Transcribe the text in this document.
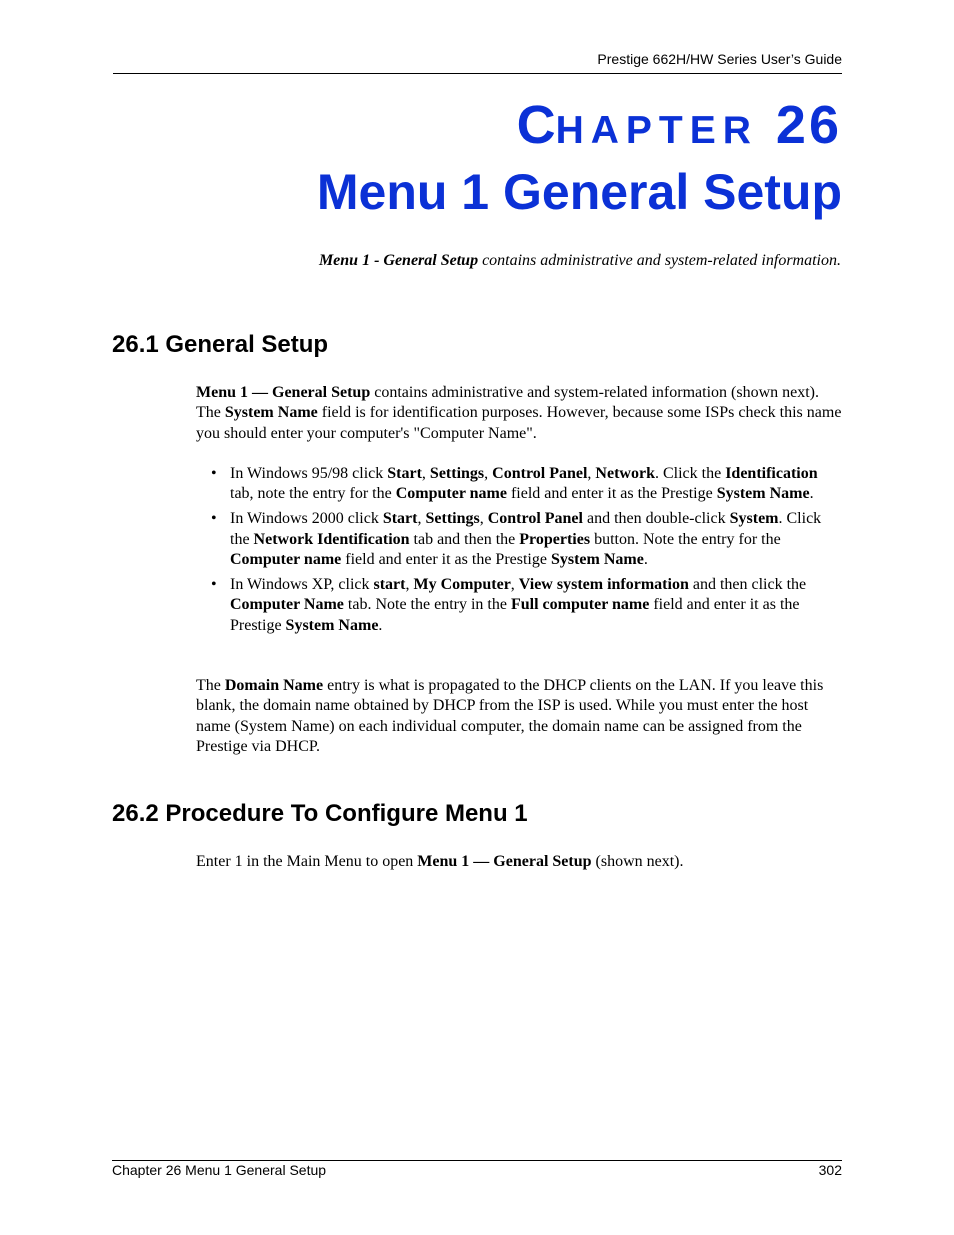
Prestige 662H/HW Series User’s Guide
CHAPTER 26
Menu 1 General Setup
Menu 1 - General Setup contains administrative and system-related information.
26.1 General Setup
Menu 1 — General Setup contains administrative and system-related information (shown next). The System Name field is for identification purposes. However, because some ISPs check this name you should enter your computer's "Computer Name".
• In Windows 95/98 click Start, Settings, Control Panel, Network. Click the Identification tab, note the entry for the Computer name field and enter it as the Prestige System Name.
• In Windows 2000 click Start, Settings, Control Panel and then double-click System. Click the Network Identification tab and then the Properties button. Note the entry for the Computer name field and enter it as the Prestige System Name.
• In Windows XP, click start, My Computer, View system information and then click the Computer Name tab. Note the entry in the Full computer name field and enter it as the Prestige System Name.
The Domain Name entry is what is propagated to the DHCP clients on the LAN. If you leave this blank, the domain name obtained by DHCP from the ISP is used. While you must enter the host name (System Name) on each individual computer, the domain name can be assigned from the Prestige via DHCP.
26.2 Procedure To Configure Menu 1
Enter 1 in the Main Menu to open Menu 1 — General Setup (shown next).
Chapter 26 Menu 1 General Setup	302
